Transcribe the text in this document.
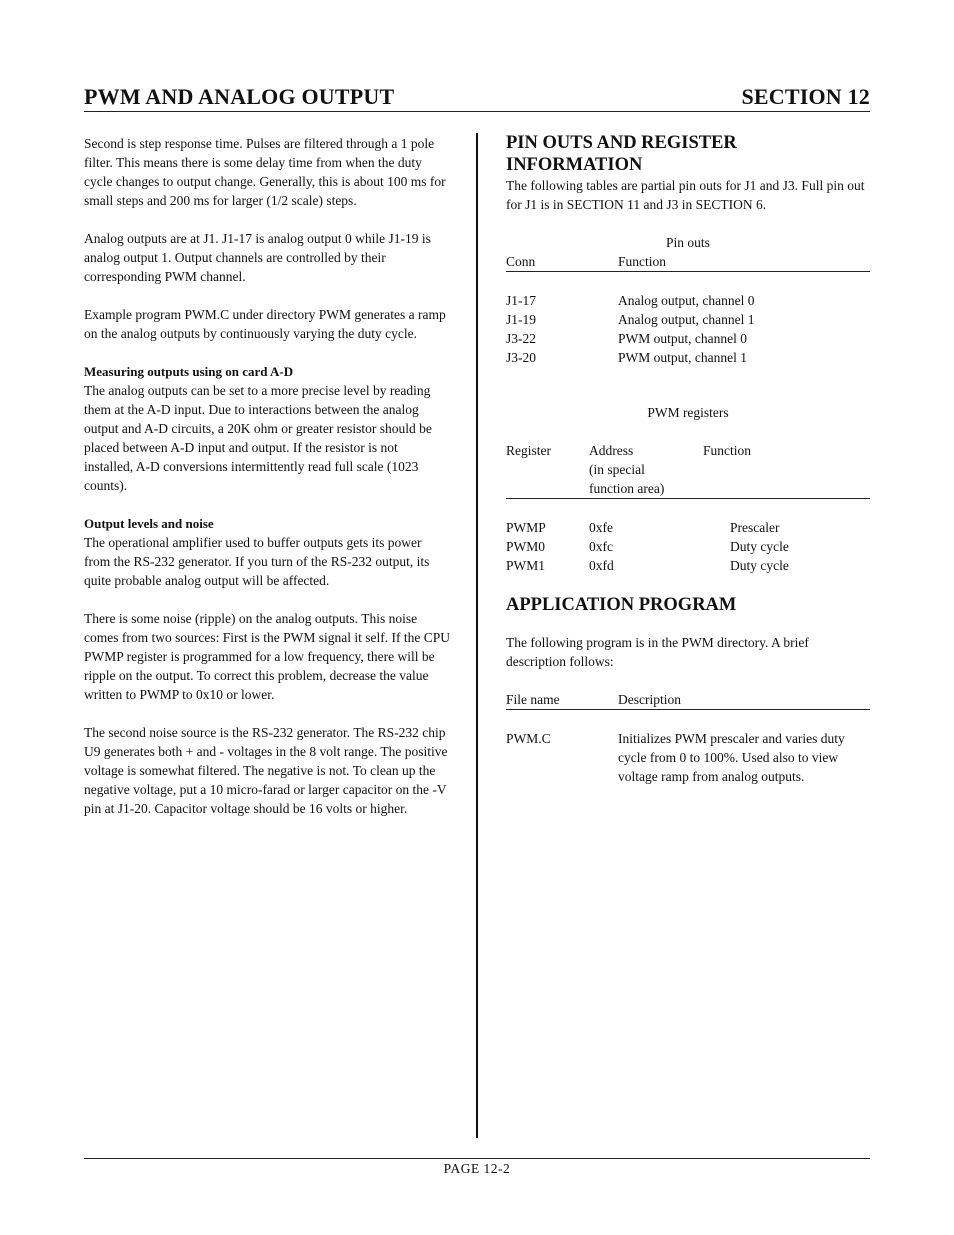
PWM AND ANALOG OUTPUT	SECTION 12

Second is step response time. Pulses are filtered through a 1 pole filter. This means there is some delay time from when the duty cycle changes to output change. Generally, this is about 100 ms for small steps and 200 ms for larger (1/2 scale) steps.

Analog outputs are at J1. J1-17 is analog output 0 while J1-19 is analog output 1. Output channels are controlled by their corresponding PWM channel.

Example program PWM.C under directory PWM generates a ramp on the analog outputs by continuously varying the duty cycle.

Measuring outputs using on card A-D

The analog outputs can be set to a more precise level by reading them at the A-D input. Due to interactions between the analog output and A-D circuits, a 20K ohm or greater resistor should be placed between A-D input and output. If the resistor is not installed, A-D conversions intermittently read full scale (1023 counts).

Output levels and noise

The operational amplifier used to buffer outputs gets its power from the RS-232 generator. If you turn of the RS-232 output, its quite probable analog output will be affected.

There is some noise (ripple) on the analog outputs. This noise comes from two sources: First is the PWM signal it self. If the CPU PWMP register is programmed for a low frequency, there will be ripple on the output. To correct this problem, decrease the value written to PWMP to 0x10 or lower.

The second noise source is the RS-232 generator. The RS-232 chip U9 generates both + and - voltages in the 8 volt range. The positive voltage is somewhat filtered. The negative is not. To clean up the negative voltage, put a 10 micro-farad or larger capacitor on the -V pin at J1-20. Capacitor voltage should be 16 volts or higher.

PIN OUTS AND REGISTER
INFORMATION

The following tables are partial pin outs for J1 and J3. Full pin out for J1 is in SECTION 11 and J3 in SECTION 6.

Pin outs
Conn	Function
J1-17	Analog output, channel 0
J1-19	Analog output, channel 1
J3-22	PWM output, channel 0
J3-20	PWM output, channel 1
PWM registers
Register	Address	Function
(in special
function area)
PWMP	0xfe	Prescaler
PWM0	0xfc	Duty cycle
PWM1	0xfd	Duty cycle
APPLICATION PROGRAM

The following program is in the PWM directory. A brief description follows:

File name	Description
PWM.C	Initializes PWM prescaler and varies duty cycle from 0 to 100%. Used also to view voltage ramp from analog outputs.
PAGE 12-2
